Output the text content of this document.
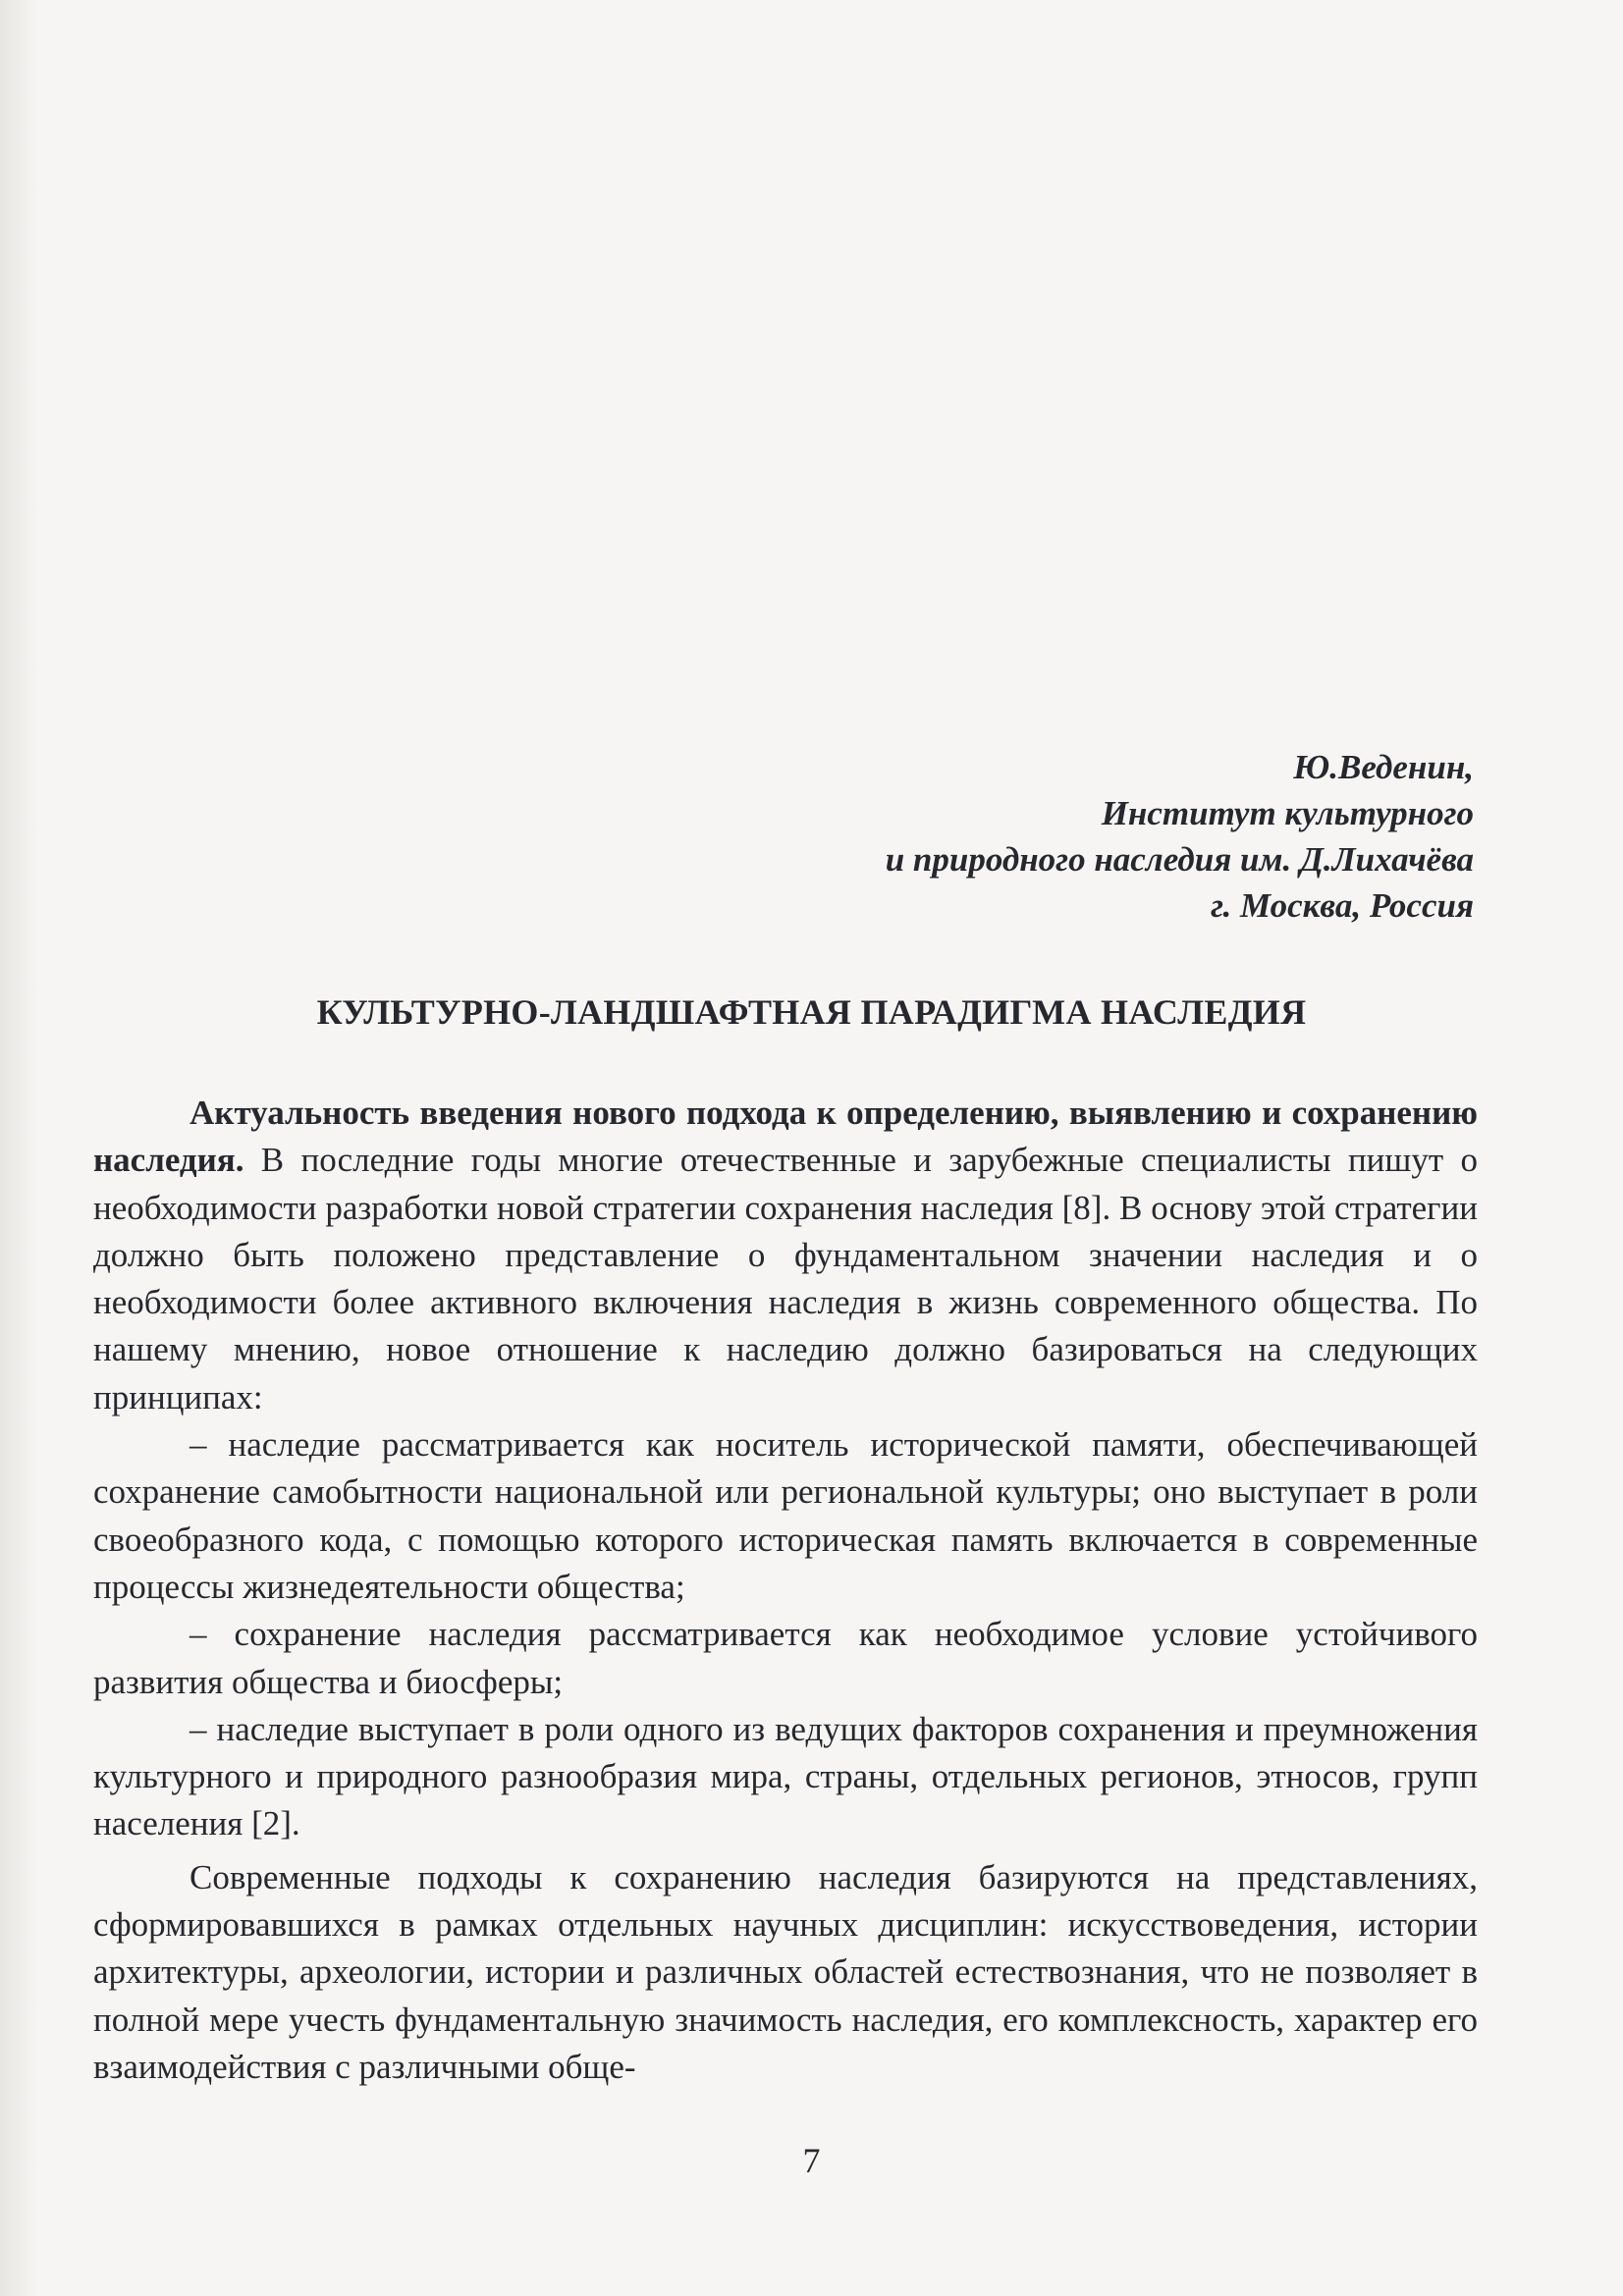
Ю.Веденин,
Институт культурного
и природного наследия им. Д.Лихачёва
г. Москва, Россия
КУЛЬТУРНО-ЛАНДШАФТНАЯ ПАРАДИГМА НАСЛЕДИЯ

Актуальность введения нового подхода к определению, выявлению и сохранению наследия. В последние годы многие отечественные и зарубежные специалисты пишут о необходимости разработки новой стратегии сохранения наследия [8]. В основу этой стратегии должно быть положено представление о фундаментальном значении наследия и о необходимости более активного включения наследия в жизнь современного общества. По нашему мнению, новое отношение к наследию должно базироваться на следующих принципах:

– наследие рассматривается как носитель исторической памяти, обеспечивающей сохранение самобытности национальной или региональной культуры; оно выступает в роли своеобразного кода, с помощью которого историческая память включается в современные процессы жизнедеятельности общества;

– сохранение наследия рассматривается как необходимое условие устойчивого развития общества и биосферы;

– наследие выступает в роли одного из ведущих факторов сохранения и преумножения культурного и природного разнообразия мира, страны, отдельных регионов, этносов, групп населения [2].

Современные подходы к сохранению наследия базируются на представлениях, сформировавшихся в рамках отдельных научных дисциплин: искусствоведения, истории архитектуры, археологии, истории и различных областей естествознания, что не позволяет в полной мере учесть фундаментальную значимость наследия, его комплексность, характер его взаимодействия с различными обще-

7
